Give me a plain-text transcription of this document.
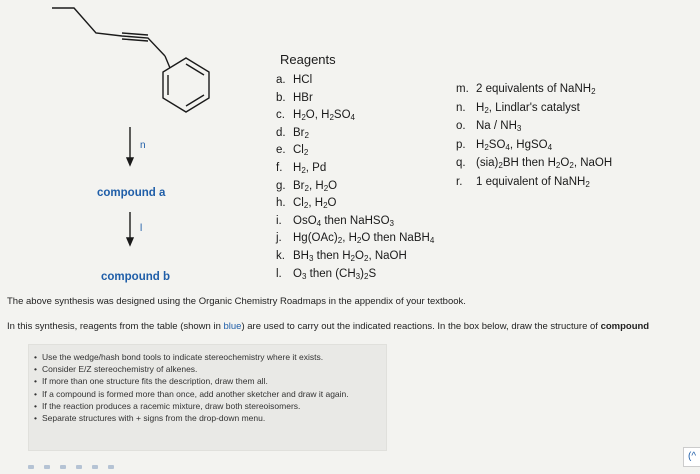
n
l
compound a
compound b
Reagents
a. HCl
b. HBr
c. $H_2O$, $H_2SO_4$
d. $Br_2$
e. $Cl_2$
f. $H_2$, Pd
g. $Br_2$, $H_2O$
h. $Cl_2$, $H_2O$
i. OsO$_4$ then NaHSO$_3$
j. $Hg(OAc)_2$, $H_2O$ then NaBH$_4$
k. $BH_3$ then $H_2O_2$, NaOH
l. $O_3$ then $(CH_3)_2S$
m. 2 equivalents of NaNH$_2$
n. $H_2$, Lindlar's catalyst
o. Na / $NH_3$
p. $H_2SO_4$, HgSO$_4$
q. $(sia)_2BH$ then $H_2O_2$, NaOH
r. 1 equivalent of NaNH$_2$
The above synthesis was designed using the Organic Chemistry Roadmaps in the appendix of your textbook.
In this synthesis, reagents from the table (shown in blue) are used to carry out the indicated reactions. In the box below, draw the structure of compound
• Use the wedge/hash bond tools to indicate stereochemistry where it exists.
• Consider E/Z stereochemistry of alkenes.
• If more than one structure fits the description, draw them all.
• If a compound is formed more than once, add another sketcher and draw it again.
• If the reaction produces a racemic mixture, draw both stereoisomers.
• Separate structures with + signs from the drop-down menu.
(^
